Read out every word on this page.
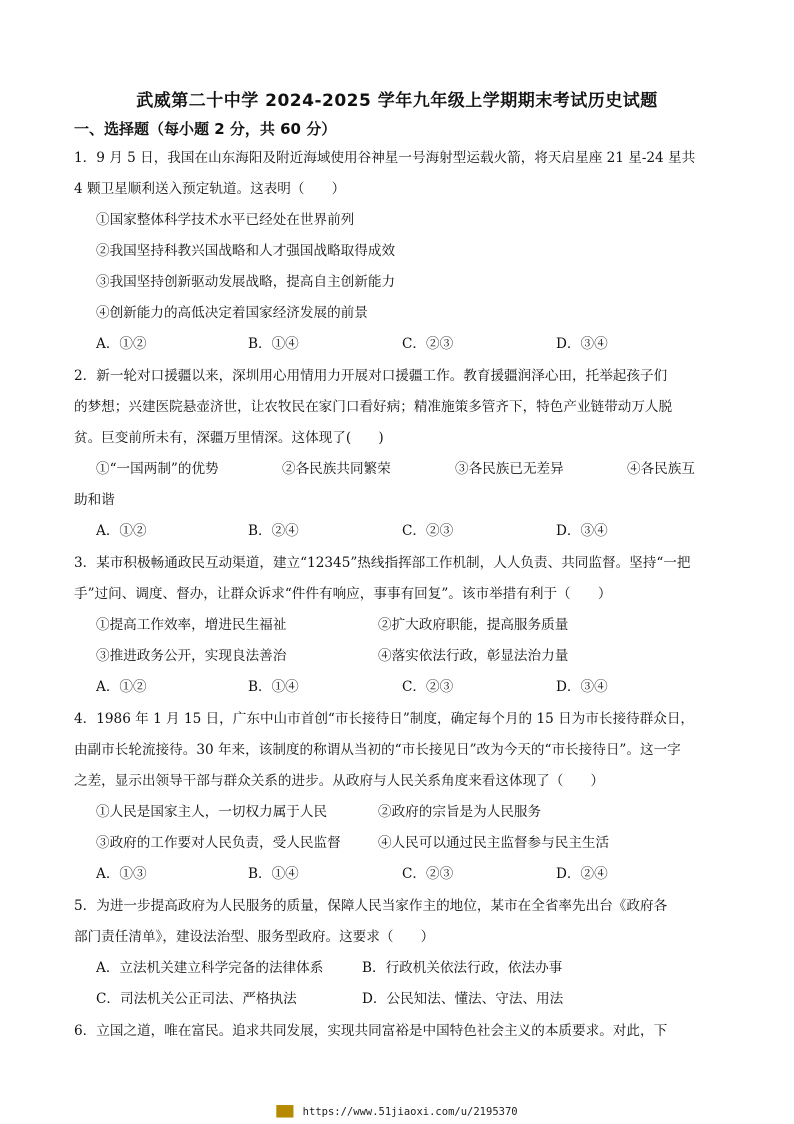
武威第二十中学 2024-2025 学年九年级上学期期末考试历史试题
一、选择题（每小题 2 分，共 60 分）
1．9 月 5 日，我国在山东海阳及附近海域使用谷神星一号海射型运载火箭，将天启星座 21 星-24 星共
4 颗卫星顺利送入预定轨道。这表明（　　）
①国家整体科学技术水平已经处在世界前列
②我国坚持科教兴国战略和人才强国战略取得成效
③我国坚持创新驱动发展战略，提高自主创新能力
④创新能力的高低决定着国家经济发展的前景
A．①②	B．①④	C．②③	D．③④
2．新一轮对口援疆以来，深圳用心用情用力开展对口援疆工作。教育援疆润泽心田，托举起孩子们
的梦想；兴建医院悬壶济世，让农牧民在家门口看好病；精准施策多管齐下，特色产业链带动万人脱
贫。巨变前所未有，深疆万里情深。这体现了(　　)
①“一国两制”的优势	②各民族共同繁荣	③各民族已无差异	④各民族互
助和谐
A．①②	B．②④	C．②③	D．③④
3．某市积极畅通政民互动渠道，建立“12345”热线指挥部工作机制，人人负责、共同监督。坚持“一把
手”过问、调度、督办，让群众诉求“件件有响应，事事有回复”。该市举措有利于（　　）
①提高工作效率，增进民生福祉	②扩大政府职能，提高服务质量
③推进政务公开，实现良法善治	④落实依法行政，彰显法治力量
A．①②	B．①④	C．②③	D．③④
4．1986 年 1 月 15 日，广东中山市首创“市长接待日”制度，确定每个月的 15 日为市长接待群众日，
由副市长轮流接待。30 年来，该制度的称谓从当初的“市长接见日”改为今天的“市长接待日”。这一字
之差，显示出领导干部与群众关系的进步。从政府与人民关系角度来看这体现了（　　）
①人民是国家主人，一切权力属于人民	②政府的宗旨是为人民服务
③政府的工作要对人民负责，受人民监督	④人民可以通过民主监督参与民主生活
A．①③	B．①④	C．②③	D．②④
5．为进一步提高政府为人民服务的质量，保障人民当家作主的地位，某市在全省率先出台《政府各
部门责任清单》，建设法治型、服务型政府。这要求（　　）
A．立法机关建立科学完备的法律体系	B．行政机关依法行政，依法办事
C．司法机关公正司法、严格执法	D．公民知法、懂法、守法、用法
6．立国之道，唯在富民。追求共同发展，实现共同富裕是中国特色社会主义的本质要求。对此，下
███ https://www.51jiaoxi.com/u/2195370
